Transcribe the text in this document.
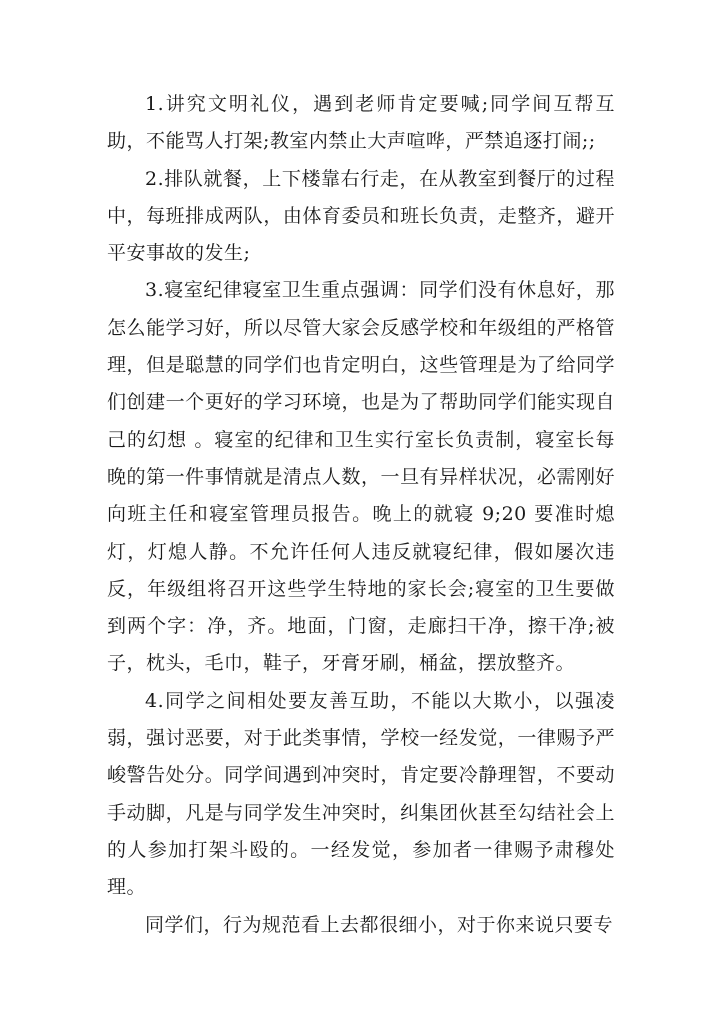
1.讲究文明礼仪，遇到老师肯定要喊;同学间互帮互助，不能骂人打架;教室内禁止大声喧哗，严禁追逐打闹;;

2.排队就餐，上下楼靠右行走，在从教室到餐厅的过程中，每班排成两队，由体育委员和班长负责，走整齐，避开平安事故的发生;

3.寝室纪律寝室卫生重点强调：同学们没有休息好，那怎么能学习好，所以尽管大家会反感学校和年级组的严格管理，但是聪慧的同学们也肯定明白，这些管理是为了给同学们创建一个更好的学习环境，也是为了帮助同学们能实现自己的幻想 。寝室的纪律和卫生实行室长负责制，寝室长每晚的第一件事情就是清点人数，一旦有异样状况，必需刚好向班主任和寝室管理员报告。晚上的就寝 9;20 要准时熄灯，灯熄人静。不允许任何人违反就寝纪律，假如屡次违反，年级组将召开这些学生特地的家长会;寝室的卫生要做到两个字：净，齐。地面，门窗，走廊扫干净，擦干净;被子，枕头，毛巾，鞋子，牙膏牙刷，桶盆，摆放整齐。

4.同学之间相处要友善互助，不能以大欺小，以强凌弱，强讨恶要，对于此类事情，学校一经发觉，一律赐予严峻警告处分。同学间遇到冲突时，肯定要冷静理智，不要动手动脚，凡是与同学发生冲突时，纠集团伙甚至勾结社会上的人参加打架斗殴的。一经发觉，参加者一律赐予肃穆处理。

同学们，行为规范看上去都很细小，对于你来说只要专
